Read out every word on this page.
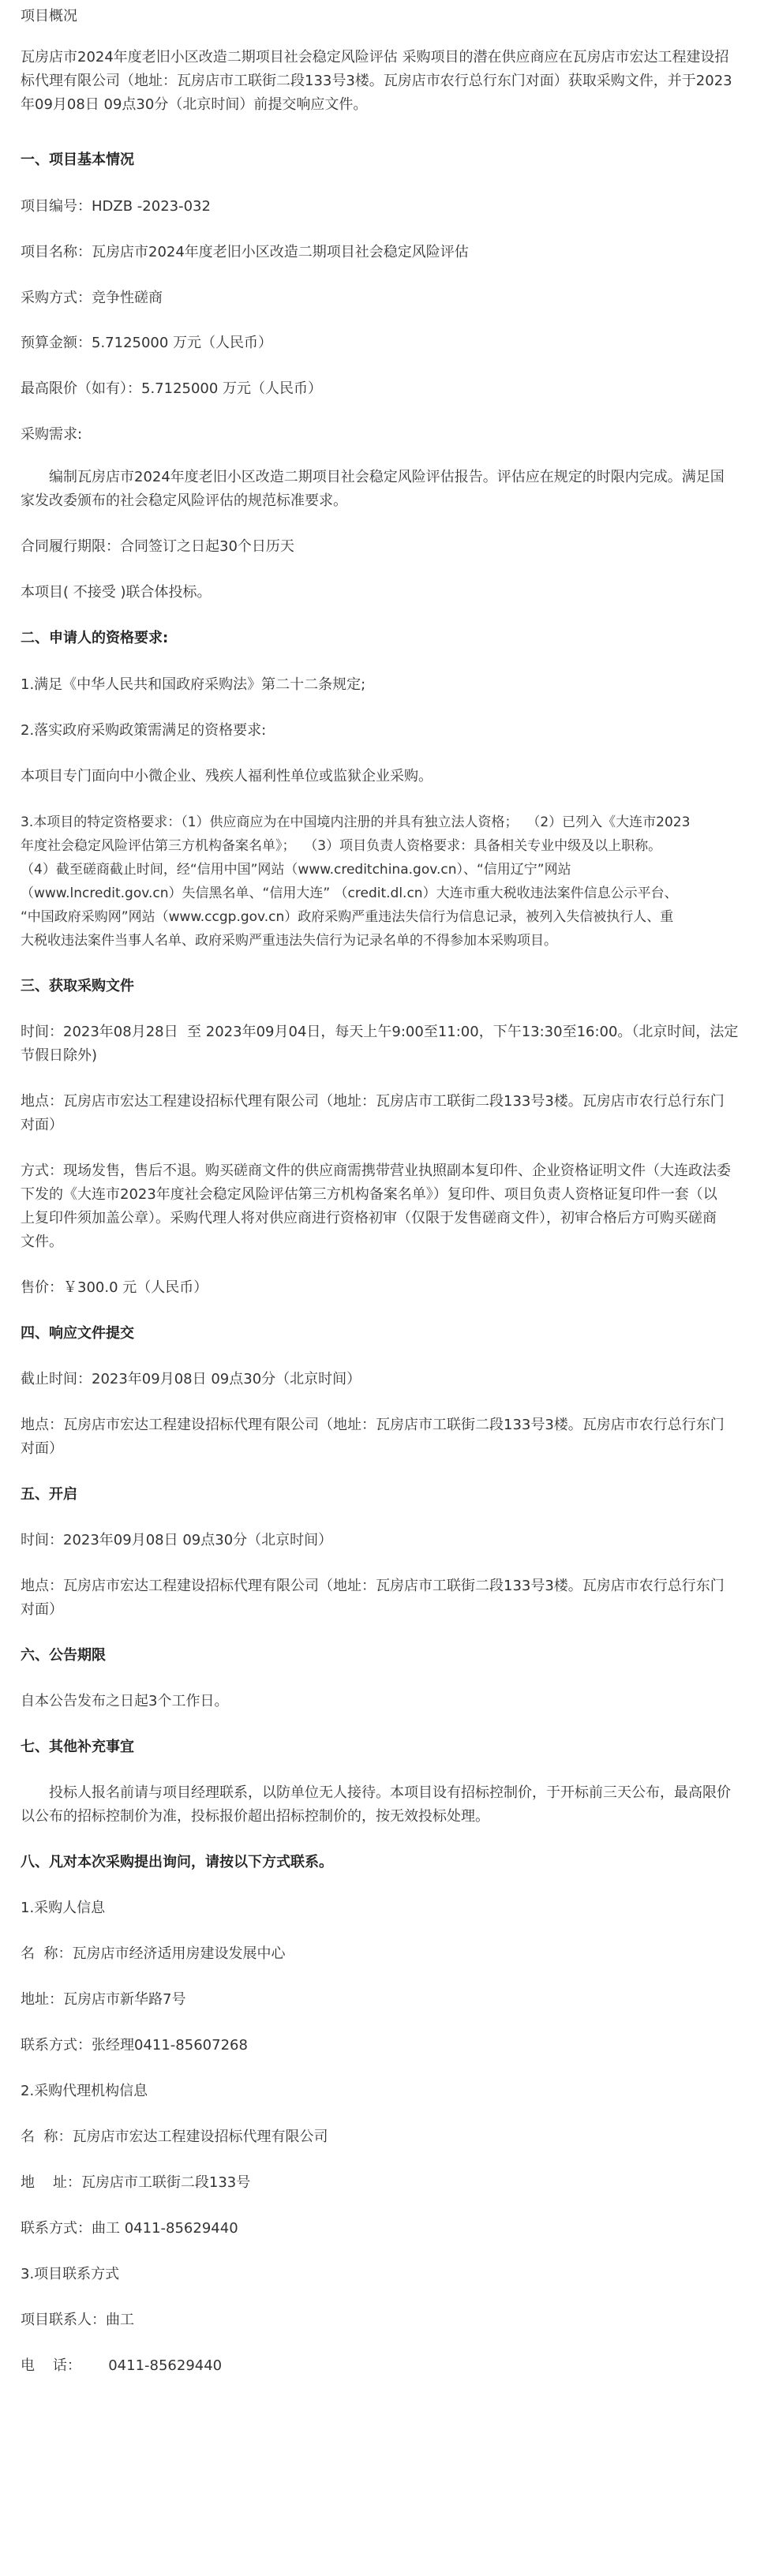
项目概况

瓦房店市2024年度老旧小区改造二期项目社会稳定风险评估 采购项目的潜在供应商应在瓦房店市宏达工程建设招

标代理有限公司（地址：瓦房店市工联街二段133号3楼。瓦房店市农行总行东门对面）获取采购文件，并于2023

年09月08日 09点30分（北京时间）前提交响应文件。

一、项目基本情况

项目编号：HDZB -2023-032

项目名称：瓦房店市2024年度老旧小区改造二期项目社会稳定风险评估

采购方式：竞争性磋商

预算金额：5.7125000 万元（人民币）

最高限价（如有）：5.7125000 万元（人民币）

采购需求:

编制瓦房店市2024年度老旧小区改造二期项目社会稳定风险评估报告。评估应在规定的时限内完成。满足国

家发改委颁布的社会稳定风险评估的规范标准要求。

合同履行期限：合同签订之日起30个日历天

本项目( 不接受 )联合体投标。

二、申请人的资格要求:

1.满足《中华人民共和国政府采购法》第二十二条规定;

2.落实政府采购政策需满足的资格要求:

本项目专门面向中小微企业、残疾人福利性单位或监狱企业采购。

3.本项目的特定资格要求：（1）供应商应为在中国境内注册的并具有独立法人资格；  （2）已列入《大连市2023

年度社会稳定风险评估第三方机构备案名单》；  （3）项目负责人资格要求：具备相关专业中级及以上职称。

（4）截至磋商截止时间，经“信用中国”网站（www.creditchina.gov.cn）、“信用辽宁”网站

（www.lncredit.gov.cn）失信黑名单、“信用大连” （credit.dl.cn）大连市重大税收违法案件信息公示平台、

“中国政府采购网”网站（www.ccgp.gov.cn）政府采购严重违法失信行为信息记录，被列入失信被执行人、重

大税收违法案件当事人名单、政府采购严重违法失信行为记录名单的不得参加本采购项目。

三、获取采购文件

时间：2023年08月28日  至 2023年09月04日，每天上午9:00至11:00，下午13:30至16:00。（北京时间，法定

节假日除外)

地点：瓦房店市宏达工程建设招标代理有限公司（地址：瓦房店市工联街二段133号3楼。瓦房店市农行总行东门

对面）

方式：现场发售，售后不退。购买磋商文件的供应商需携带营业执照副本复印件、企业资格证明文件（大连政法委

下发的《大连市2023年度社会稳定风险评估第三方机构备案名单》）复印件、项目负责人资格证复印件一套（以

上复印件须加盖公章）。采购代理人将对供应商进行资格初审（仅限于发售磋商文件），初审合格后方可购买磋商

文件。

售价：￥300.0 元（人民币）

四、响应文件提交

截止时间：2023年09月08日 09点30分（北京时间）

地点：瓦房店市宏达工程建设招标代理有限公司（地址：瓦房店市工联街二段133号3楼。瓦房店市农行总行东门

对面）

五、开启

时间：2023年09月08日 09点30分（北京时间）

地点：瓦房店市宏达工程建设招标代理有限公司（地址：瓦房店市工联街二段133号3楼。瓦房店市农行总行东门

对面）

六、公告期限

自本公告发布之日起3个工作日。

七、其他补充事宜

投标人报名前请与项目经理联系，以防单位无人接待。本项目设有招标控制价，于开标前三天公布，最高限价

以公布的招标控制价为准，投标报价超出招标控制价的，按无效投标处理。

八、凡对本次采购提出询问，请按以下方式联系。

1.采购人信息

名  称：瓦房店市经济适用房建设发展中心

地址：瓦房店市新华路7号

联系方式：张经理0411-85607268

2.采购代理机构信息

名  称：瓦房店市宏达工程建设招标代理有限公司

地    址：瓦房店市工联街二段133号

联系方式：曲工 0411-85629440

3.项目联系方式

项目联系人：曲工

电    话：      0411-85629440
